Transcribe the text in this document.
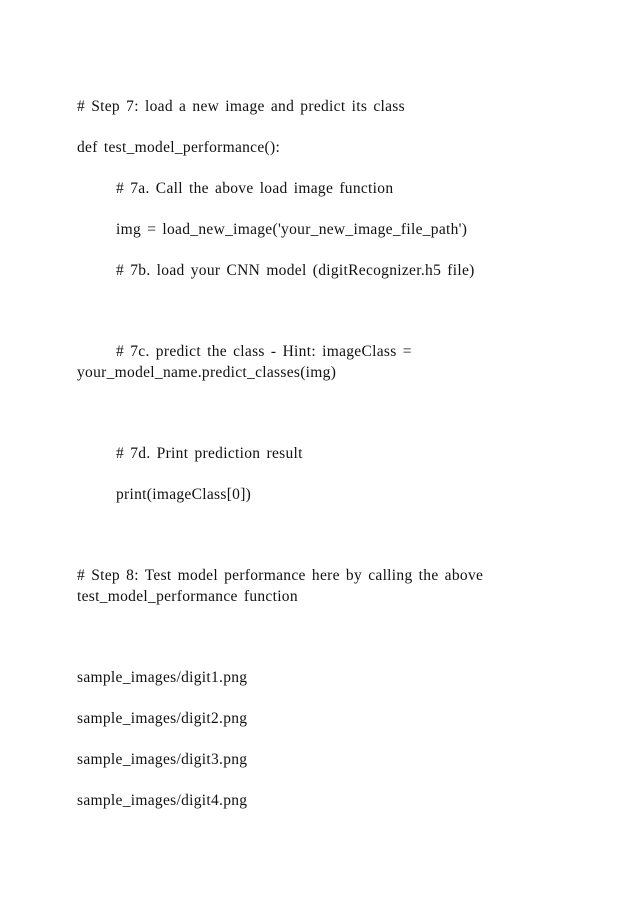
# Step 7: load a new image and predict its class
def test_model_performance():
# 7a. Call the above load image function
img = load_new_image('your_new_image_file_path')
# 7b. load your CNN model (digitRecognizer.h5 file)
# 7c. predict the class - Hint: imageClass =
your_model_name.predict_classes(img)
# 7d. Print prediction result
print(imageClass[0])
# Step 8: Test model performance here by calling the above
test_model_performance function
sample_images/digit1.png
sample_images/digit2.png
sample_images/digit3.png
sample_images/digit4.png
